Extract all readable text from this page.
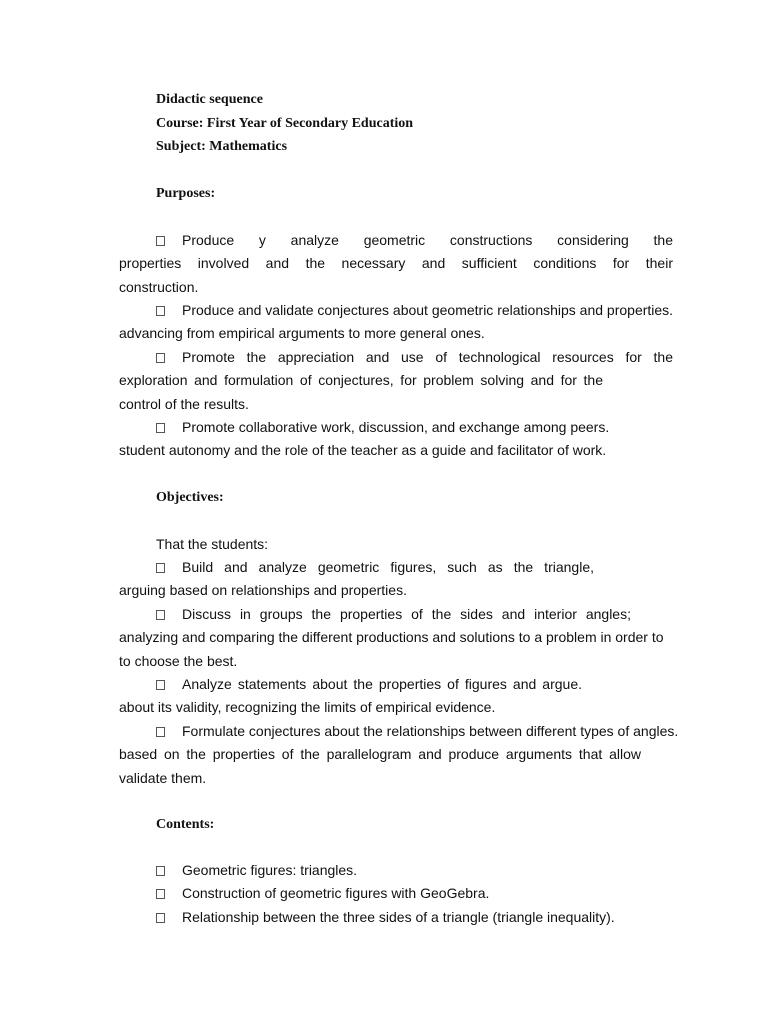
Didactic sequence
Course: First Year of Secondary Education
Subject: Mathematics
Purposes:
Produce y analyze geometric constructions considering the
properties involved and the necessary and sufficient conditions for their
construction.
Produce and validate conjectures about geometric relationships and properties.
advancing from empirical arguments to more general ones.
Promote the appreciation and use of technological resources for the
exploration and formulation of conjectures, for problem solving and for the
control of the results.
Promote collaborative work, discussion, and exchange among peers.
student autonomy and the role of the teacher as a guide and facilitator of work.
Objectives:
That the students:
Build and analyze geometric figures, such as the triangle,
arguing based on relationships and properties.
Discuss in groups the properties of the sides and interior angles;
analyzing and comparing the different productions and solutions to a problem in order to
to choose the best.
Analyze statements about the properties of figures and argue.
about its validity, recognizing the limits of empirical evidence.
Formulate conjectures about the relationships between different types of angles.
based on the properties of the parallelogram and produce arguments that allow
validate them.
Contents:
Geometric figures: triangles.
Construction of geometric figures with GeoGebra.
Relationship between the three sides of a triangle (triangle inequality).
